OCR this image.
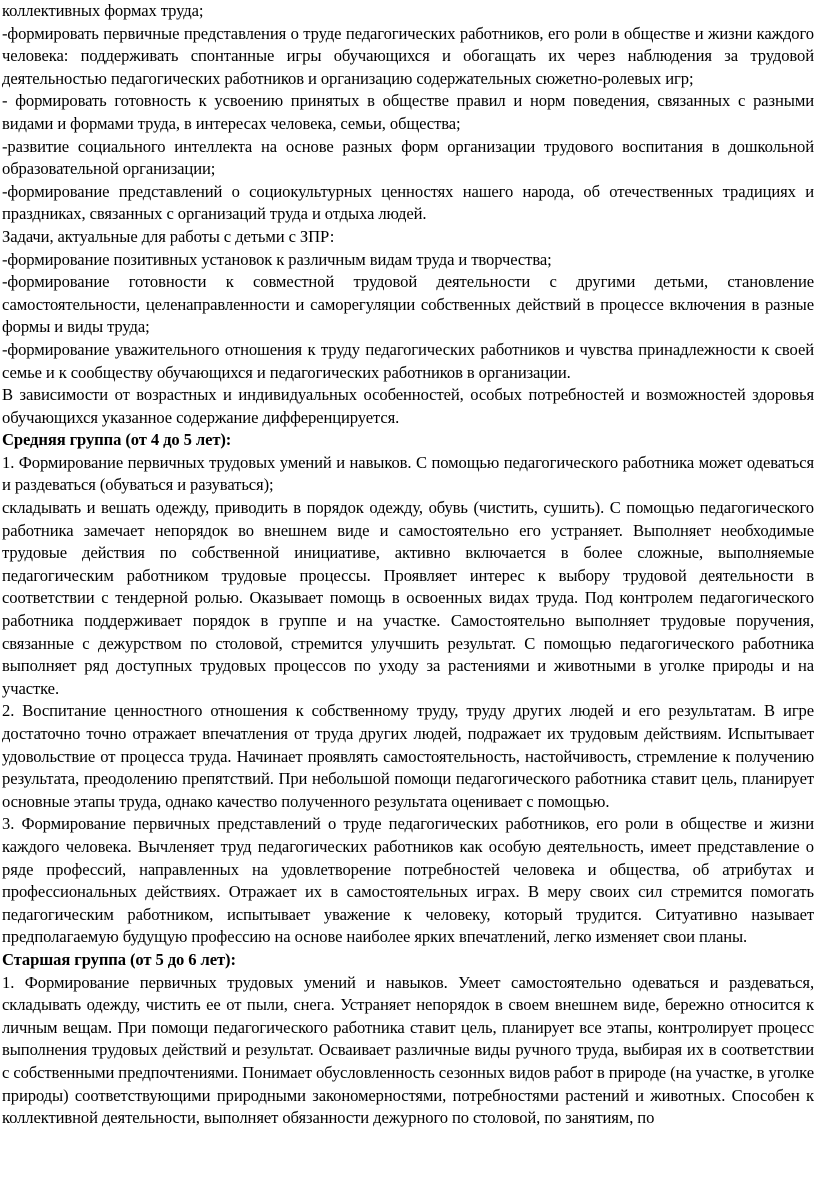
коллективных формах труда;

-формировать первичные представления о труде педагогических работников, его роли в обществе и жизни каждого человека: поддерживать спонтанные игры обучающихся и обогащать их через наблюдения за трудовой деятельностью педагогических работников и организацию содержательных сюжетно-ролевых игр;

- формировать готовность к усвоению принятых в обществе правил и норм поведения, связанных с разными видами и формами труда, в интересах человека, семьи, общества;

-развитие социального интеллекта на основе разных форм организации трудового воспитания в дошкольной образовательной организации;

-формирование представлений о социокультурных ценностях нашего народа, об отечественных традициях и праздниках, связанных с организаций труда и отдыха людей.

Задачи, актуальные для работы с детьми с ЗПР:

-формирование позитивных установок к различным видам труда и творчества;

-формирование готовности к совместной трудовой деятельности с другими детьми, становление самостоятельности, целенаправленности и саморегуляции собственных действий в процессе включения в разные формы и виды труда;

-формирование уважительного отношения к труду педагогических работников и чувства принадлежности к своей семье и к сообществу обучающихся и педагогических работников в организации.

В зависимости от возрастных и индивидуальных особенностей, особых потребностей и возможностей здоровья обучающихся указанное содержание дифференцируется.

Средняя группа (от 4 до 5 лет):

1. Формирование первичных трудовых умений и навыков. С помощью педагогического работника может одеваться и раздеваться (обуваться и разуваться);

складывать и вешать одежду, приводить в порядок одежду, обувь (чистить, сушить). С помощью педагогического работника замечает непорядок во внешнем виде и самостоятельно его устраняет. Выполняет необходимые трудовые действия по собственной инициативе, активно включается в более сложные, выполняемые педагогическим работником трудовые процессы. Проявляет интерес к выбору трудовой деятельности в соответствии с тендерной ролью. Оказывает помощь в освоенных видах труда. Под контролем педагогического работника поддерживает порядок в группе и на участке. Самостоятельно выполняет трудовые поручения, связанные с дежурством по столовой, стремится улучшить результат. С помощью педагогического работника выполняет ряд доступных трудовых процессов по уходу за растениями и животными в уголке природы и на участке.

2. Воспитание ценностного отношения к собственному труду, труду других людей и его результатам. В игре достаточно точно отражает впечатления от труда других людей, подражает их трудовым действиям. Испытывает удовольствие от процесса труда. Начинает проявлять самостоятельность, настойчивость, стремление к получению результата, преодолению препятствий. При небольшой помощи педагогического работника ставит цель, планирует основные этапы труда, однако качество полученного результата оценивает с помощью.

3. Формирование первичных представлений о труде педагогических работников, его роли в обществе и жизни каждого человека. Вычленяет труд педагогических работников как особую деятельность, имеет представление о ряде профессий, направленных на удовлетворение потребностей человека и общества, об атрибутах и профессиональных действиях. Отражает их в самостоятельных играх. В меру своих сил стремится помогать педагогическим работником, испытывает уважение к человеку, который трудится. Ситуативно называет предполагаемую будущую профессию на основе наиболее ярких впечатлений, легко изменяет свои планы.

Старшая группа (от 5 до 6 лет):

1. Формирование первичных трудовых умений и навыков. Умеет самостоятельно одеваться и раздеваться, складывать одежду, чистить ее от пыли, снега. Устраняет непорядок в своем внешнем виде, бережно относится к личным вещам. При помощи педагогического работника ставит цель, планирует все этапы, контролирует процесс выполнения трудовых действий и результат. Осваивает различные виды ручного труда, выбирая их в соответствии с собственными предпочтениями. Понимает обусловленность сезонных видов работ в природе (на участке, в уголке природы) соответствующими природными закономерностями, потребностями растений и животных. Способен к коллективной деятельности, выполняет обязанности дежурного по столовой, по занятиям, по
